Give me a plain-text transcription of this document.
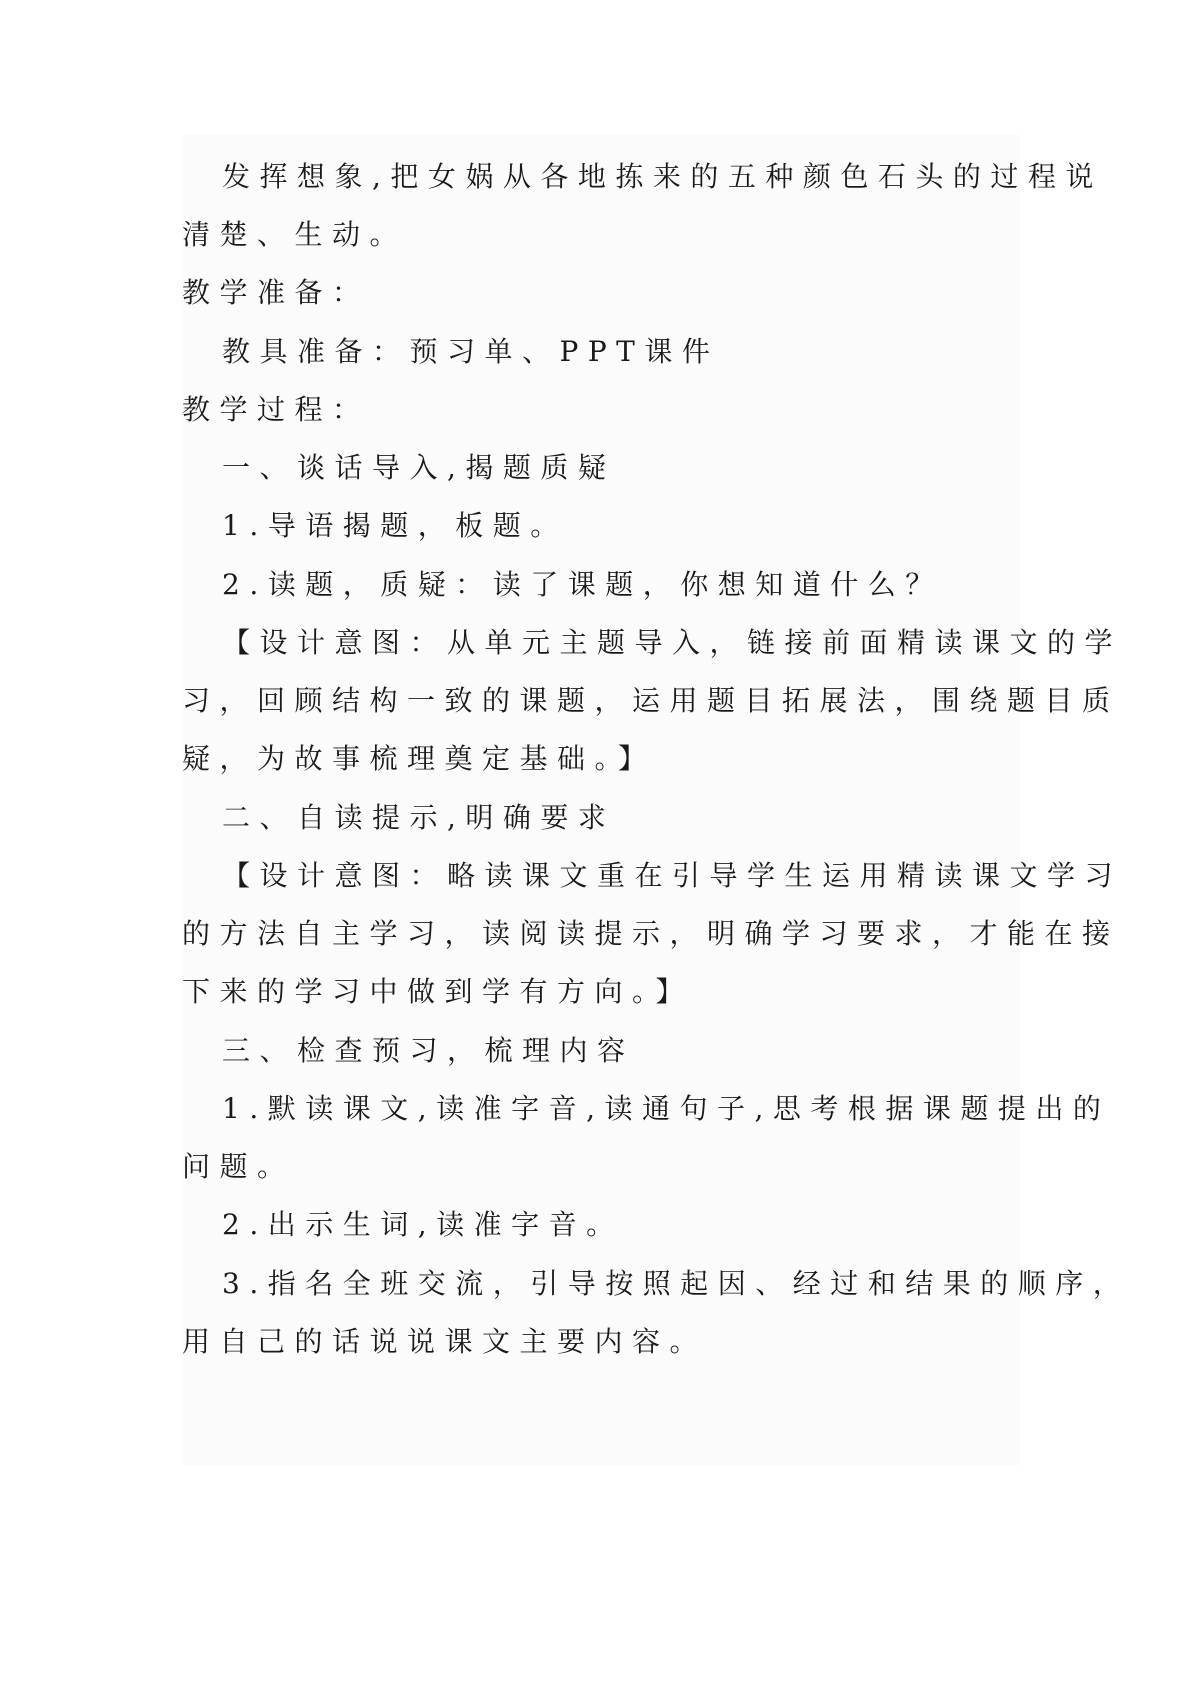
发挥想象,把女娲从各地拣来的五种颜色石头的过程说
清楚、生动。
教学准备：
教具准备：预习单、PPT课件
教学过程：
一、谈话导入,揭题质疑
1.导语揭题，板题。
2.读题，质疑：读了课题，你想知道什么？
【设计意图：从单元主题导入，链接前面精读课文的学
习，回顾结构一致的课题，运用题目拓展法，围绕题目质
疑，为故事梳理奠定基础。】
二、自读提示,明确要求
【设计意图：略读课文重在引导学生运用精读课文学习
的方法自主学习，读阅读提示，明确学习要求，才能在接
下来的学习中做到学有方向。】
三、检查预习，梳理内容
1.默读课文,读准字音,读通句子,思考根据课题提出的
问题。
2.出示生词,读准字音。
3.指名全班交流，引导按照起因、经过和结果的顺序，
用自己的话说说课文主要内容。
